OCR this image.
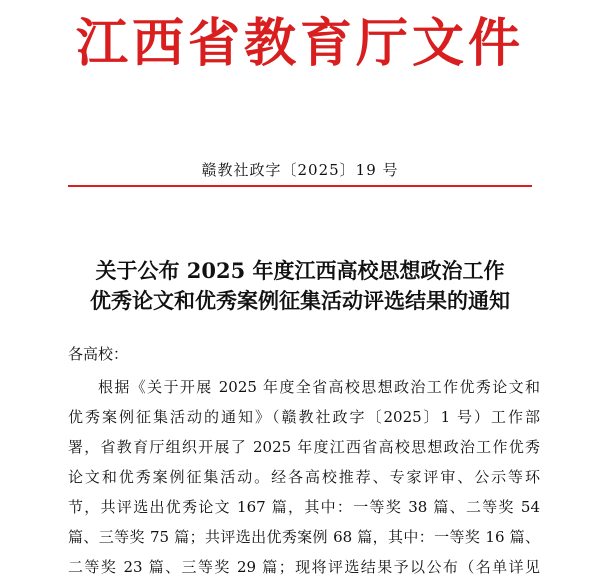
江西省教育厅文件
赣教社政字〔2025〕19 号
关于公布 2025 年度江西高校思想政治工作
优秀论文和优秀案例征集活动评选结果的通知
各高校：
根据《关于开展 2025 年度全省高校思想政治工作优秀论文和
优秀案例征集活动的通知》（赣教社政字〔2025〕1 号）工作部
署，省教育厅组织开展了 2025 年度江西省高校思想政治工作优秀
论文和优秀案例征集活动。经各高校推荐、专家评审、公示等环
节，共评选出优秀论文 167 篇，其中：一等奖 38 篇、二等奖 54
篇、三等奖 75 篇；共评选出优秀案例 68 篇，其中：一等奖 16 篇、
二等奖 23 篇、三等奖 29 篇；现将评选结果予以公布（名单详见
